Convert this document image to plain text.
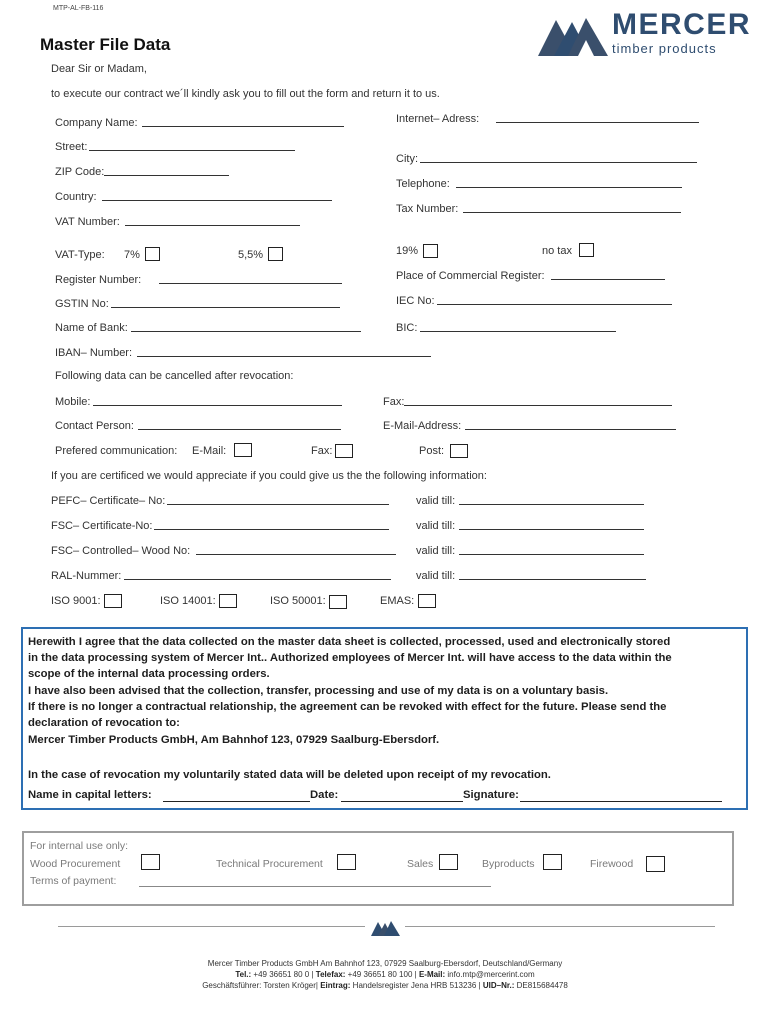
MTP-AL-FB-116
Master File Data
MERCER
timber products
Dear Sir or Madam,
to execute our contract we´ll kindly ask you to fill out the form and return it to us.
Company Name:	Internet– Adress:
Street:
City:
ZIP Code:
Telephone:
Country:
Tax Number:
VAT Number:
VAT-Type: 7%	5,5%	19%	no tax
Register Number:	Place of Commercial Register:
GSTIN No:	IEC No:
Name of Bank:	BIC:
IBAN– Number:
Following data can be cancelled after revocation:
Mobile:	Fax:
Contact Person:	E-Mail-Address:
Prefered communication: E-Mail:	Fax:	Post:
If you are certificed we would appreciate if you could give us the the following information:
PEFC– Certificate– No:	valid till:
FSC– Certificate-No:	valid till:
FSC– Controlled– Wood No:	valid till:
RAL-Nummer:	valid till:
ISO 9001:	ISO 14001:	ISO 50001:	EMAS:
Herewith I agree that the data collected on the master data sheet is collected, processed, used and electronically stored
in the data processing system of Mercer Int.. Authorized employees of Mercer Int. will have access to the data within the
scope of the internal data processing orders.
I have also been advised that the collection, transfer, processing and use of my data is on a voluntary basis.
If there is no longer a contractual relationship, the agreement can be revoked with effect for the future. Please send the
declaration of revocation to:
Mercer Timber Products GmbH, Am Bahnhof 123, 07929 Saalburg-Ebersdorf.
In the case of revocation my voluntarily stated data will be deleted upon receipt of my revocation.
Name in capital letters:	Date:	Signature:
For internal use only:
Wood Procurement	Technical Procurement	Sales	Byproducts	Firewood
Terms of payment:
Mercer Timber Products GmbH Am Bahnhof 123, 07929 Saalburg-Ebersdorf, Deutschland/Germany
Tel.: +49 36651 80 0 | Telefax: +49 36651 80 100 | E-Mail: info.mtp@mercerint.com
Geschäftsführer: Torsten Kröger| Eintrag: Handelsregister Jena HRB 513236 | UID–Nr.: DE815684478
